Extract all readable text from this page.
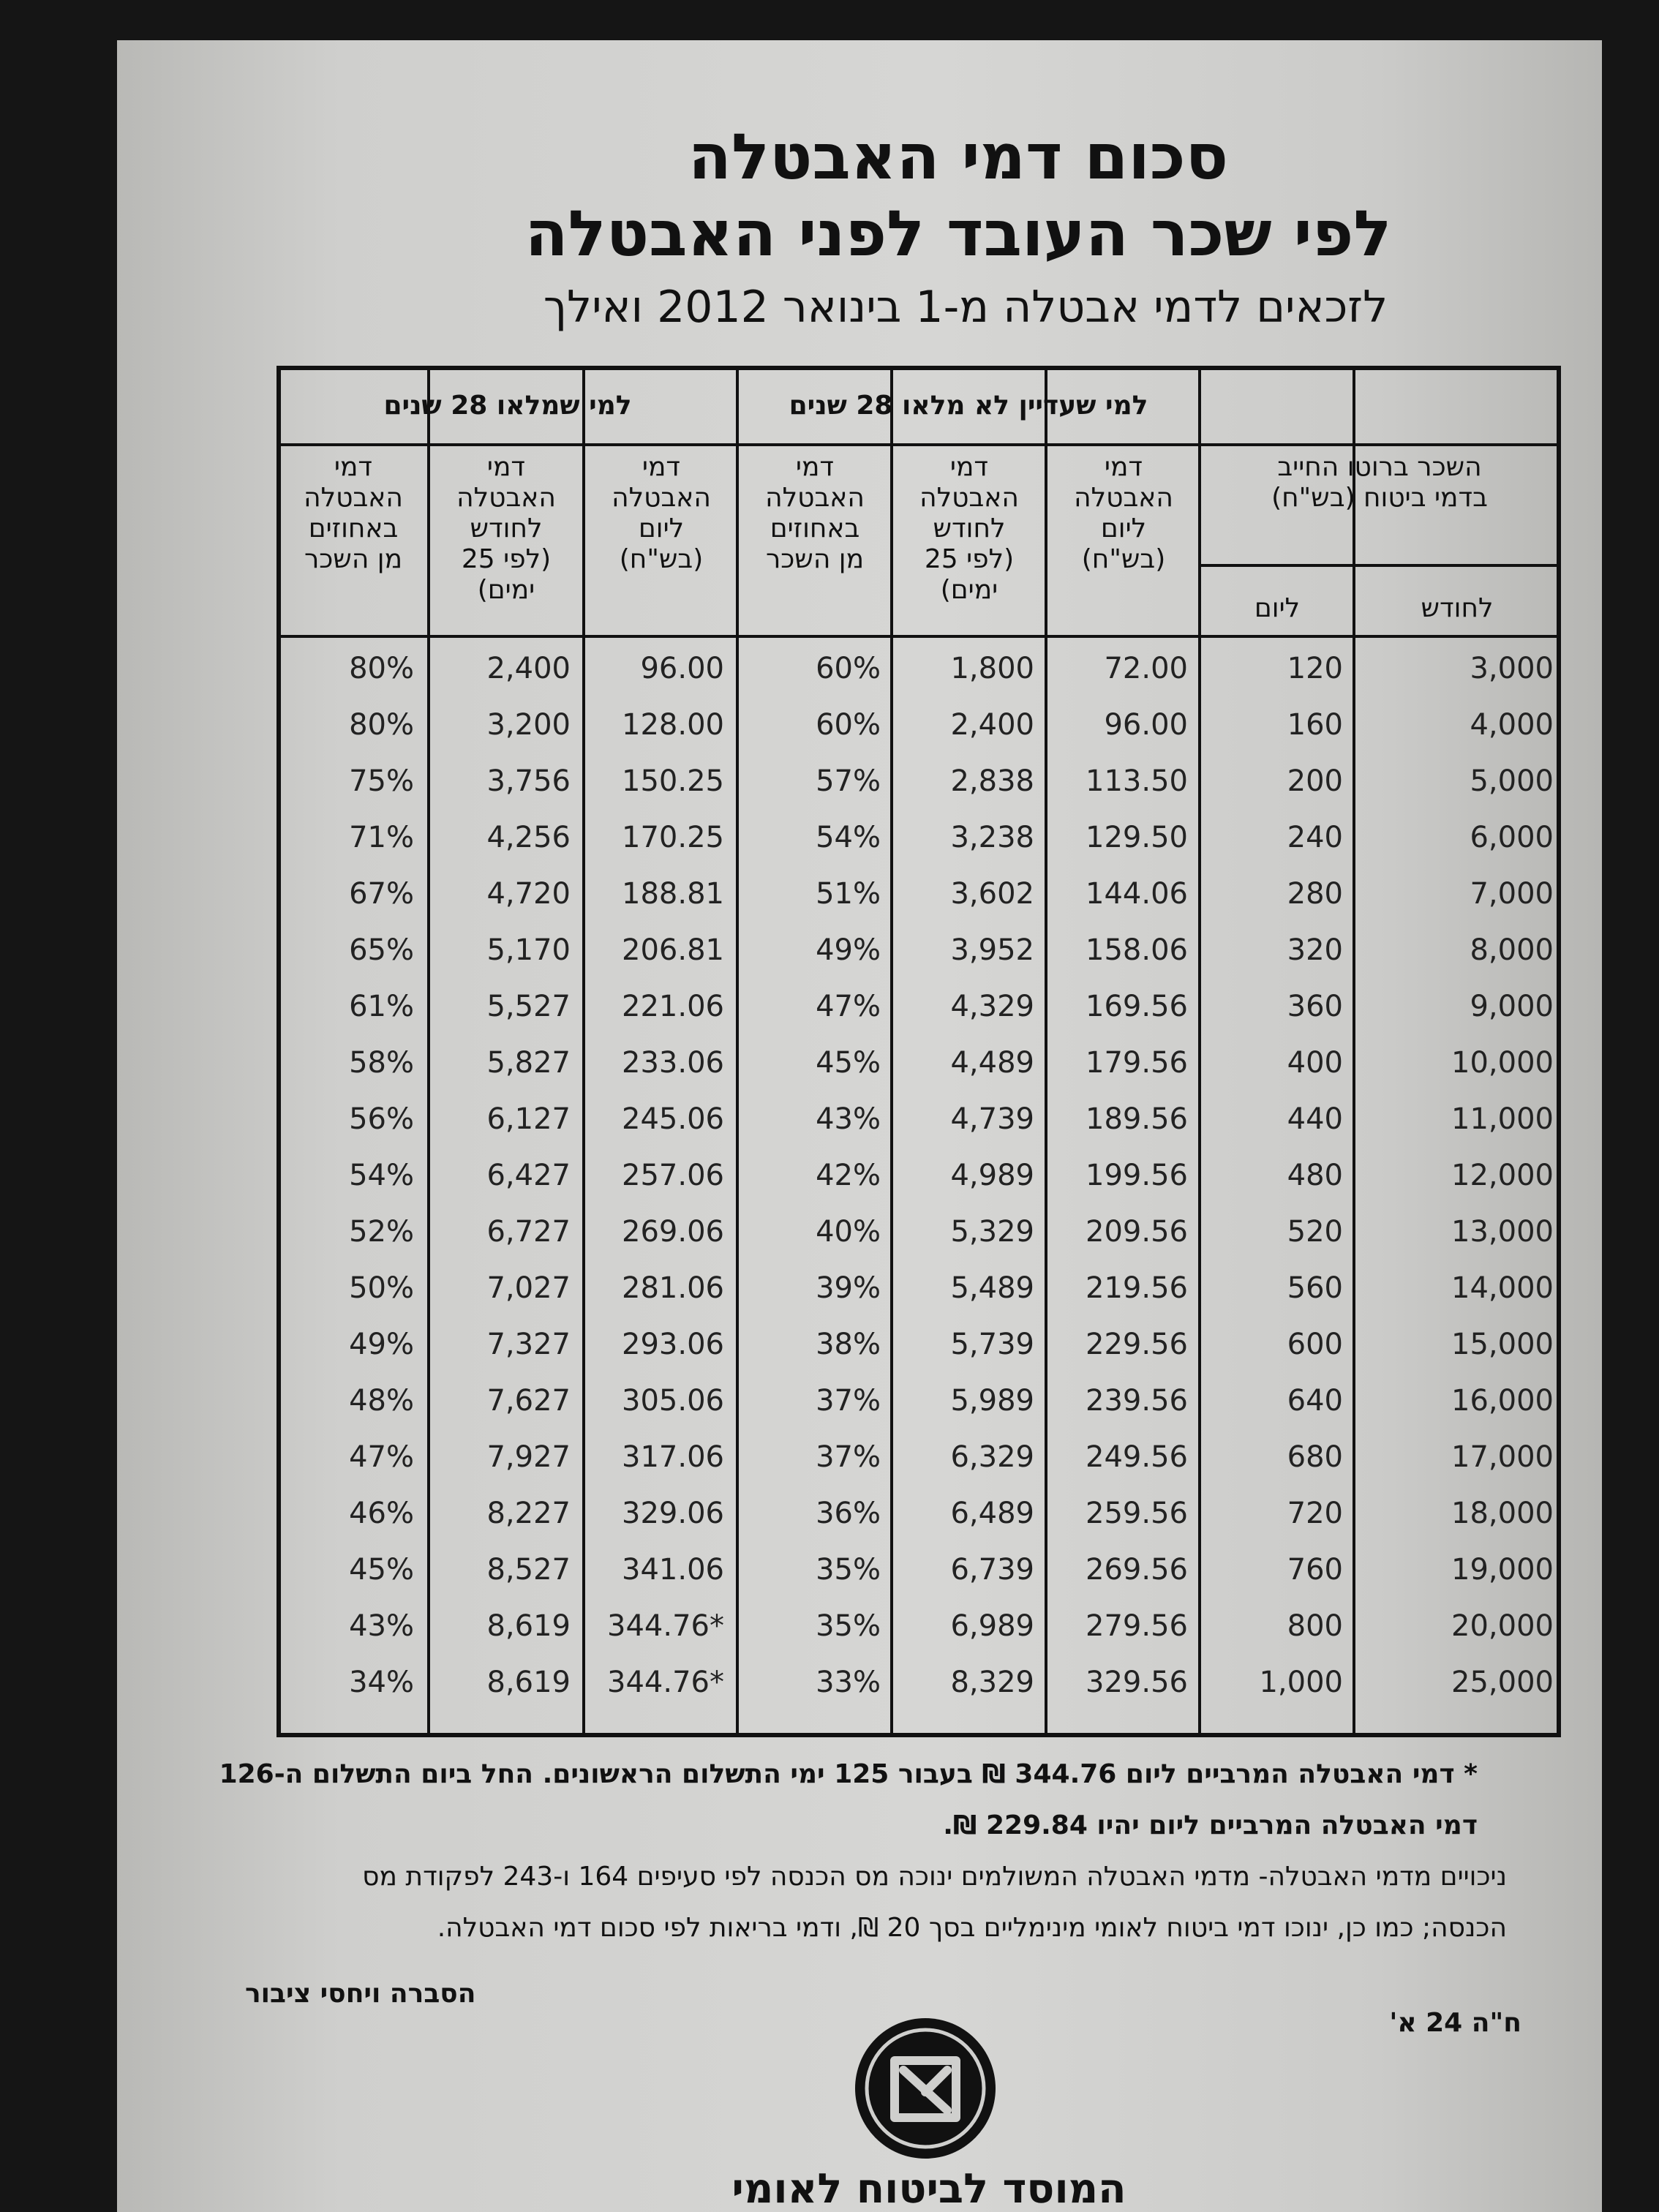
סכום דמי האבטלה
לפי שכר העובד לפני האבטלה
לזכאים לדמי אבטלה מ-1 בינואר 2012 ואילך
למי שעדיין לא מלאו 28 שנים
למי שמלאו 28 שנים
השכר ברוטו החייב
בדמי ביטוח (בש"ח)
לחודש
ליום
דמי
האבטלה
ליום
(בש"ח)
דמי
האבטלה
לחודש
(לפי 25 ימים)
דמי
האבטלה
באחוזים
מן השכר
דמי
האבטלה
ליום
(בש"ח)
דמי
האבטלה
לחודש
(לפי 25 ימים)
דמי
האבטלה
באחוזים
מן השכר
3,000
120
72.00
1,800
60%
96.00
2,400
80%
4,000
160
96.00
2,400
60%
128.00
3,200
80%
5,000
200
113.50
2,838
57%
150.25
3,756
75%
6,000
240
129.50
3,238
54%
170.25
4,256
71%
7,000
280
144.06
3,602
51%
188.81
4,720
67%
8,000
320
158.06
3,952
49%
206.81
5,170
65%
9,000
360
169.56
4,329
47%
221.06
5,527
61%
10,000
400
179.56
4,489
45%
233.06
5,827
58%
11,000
440
189.56
4,739
43%
245.06
6,127
56%
12,000
480
199.56
4,989
42%
257.06
6,427
54%
13,000
520
209.56
5,329
40%
269.06
6,727
52%
14,000
560
219.56
5,489
39%
281.06
7,027
50%
15,000
600
229.56
5,739
38%
293.06
7,327
49%
16,000
640
239.56
5,989
37%
305.06
7,627
48%
17,000
680
249.56
6,329
37%
317.06
7,927
47%
18,000
720
259.56
6,489
36%
329.06
8,227
46%
19,000
760
269.56
6,739
35%
341.06
8,527
45%
20,000
800
279.56
6,989
35%
344.76*
8,619
43%
25,000
1,000
329.56
8,329
33%
344.76*
8,619
34%
* דמי האבטלה המרביים ליום 344.76 ₪ בעבור 125 ימי התשלום הראשונים. החל ביום התשלום ה-126
דמי האבטלה המרביים ליום יהיו 229.84 ₪.
ניכויים מדמי האבטלה- מדמי האבטלה המשולמים ינוכה מס הכנסה לפי סעיפים 164 ו-243 לפקודת מס
הכנסה; כמו כן, ינוכו דמי ביטוח לאומי מינימליים בסך 20 ₪, ודמי בריאות לפי סכום דמי האבטלה.
הסברה ויחסי ציבור
ח"ה 24 א'
המוסד לביטוח לאומי
